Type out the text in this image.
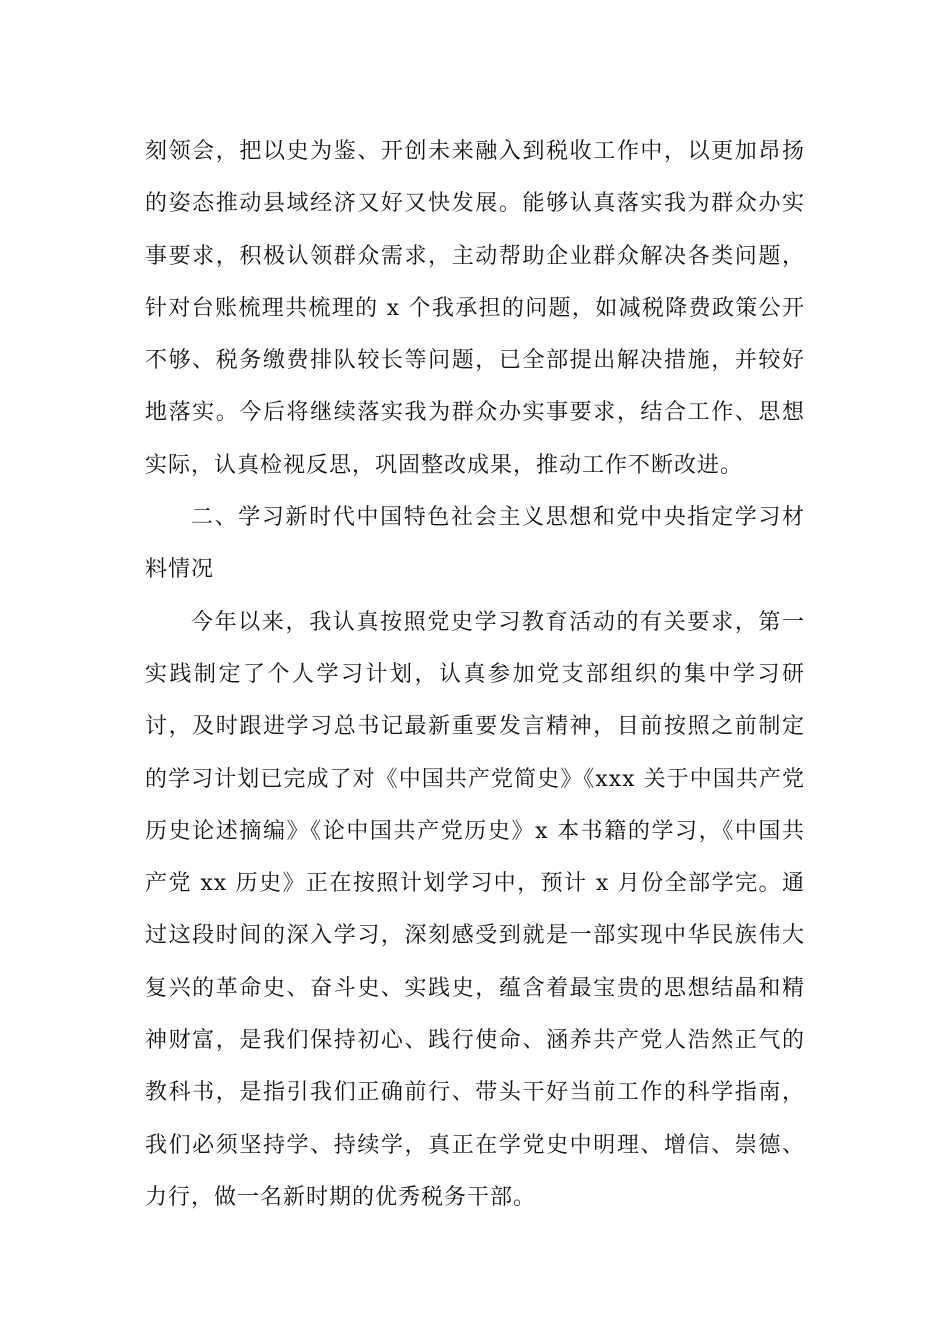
刻领会，把以史为鉴、开创未来融入到税收工作中，以更加昂扬的姿态推动县域经济又好又快发展。能够认真落实我为群众办实事要求，积极认领群众需求，主动帮助企业群众解决各类问题，针对台账梳理共梳理的 x 个我承担的问题，如减税降费政策公开不够、税务缴费排队较长等问题，已全部提出解决措施，并较好地落实。今后将继续落实我为群众办实事要求，结合工作、思想实际，认真检视反思，巩固整改成果，推动工作不断改进。

二、学习新时代中国特色社会主义思想和党中央指定学习材料情况

今年以来，我认真按照党史学习教育活动的有关要求，第一实践制定了个人学习计划，认真参加党支部组织的集中学习研讨，及时跟进学习总书记最新重要发言精神，目前按照之前制定的学习计划已完成了对《中国共产党简史》《xxx 关于中国共产党历史论述摘编》《论中国共产党历史》x 本书籍的学习，《中国共产党 xx 历史》正在按照计划学习中，预计 x 月份全部学完。通过这段时间的深入学习，深刻感受到就是一部实现中华民族伟大复兴的革命史、奋斗史、实践史，蕴含着最宝贵的思想结晶和精神财富，是我们保持初心、践行使命、涵养共产党人浩然正气的教科书，是指引我们正确前行、带头干好当前工作的科学指南，我们必须坚持学、持续学，真正在学党史中明理、增信、崇德、力行，做一名新时期的优秀税务干部。
